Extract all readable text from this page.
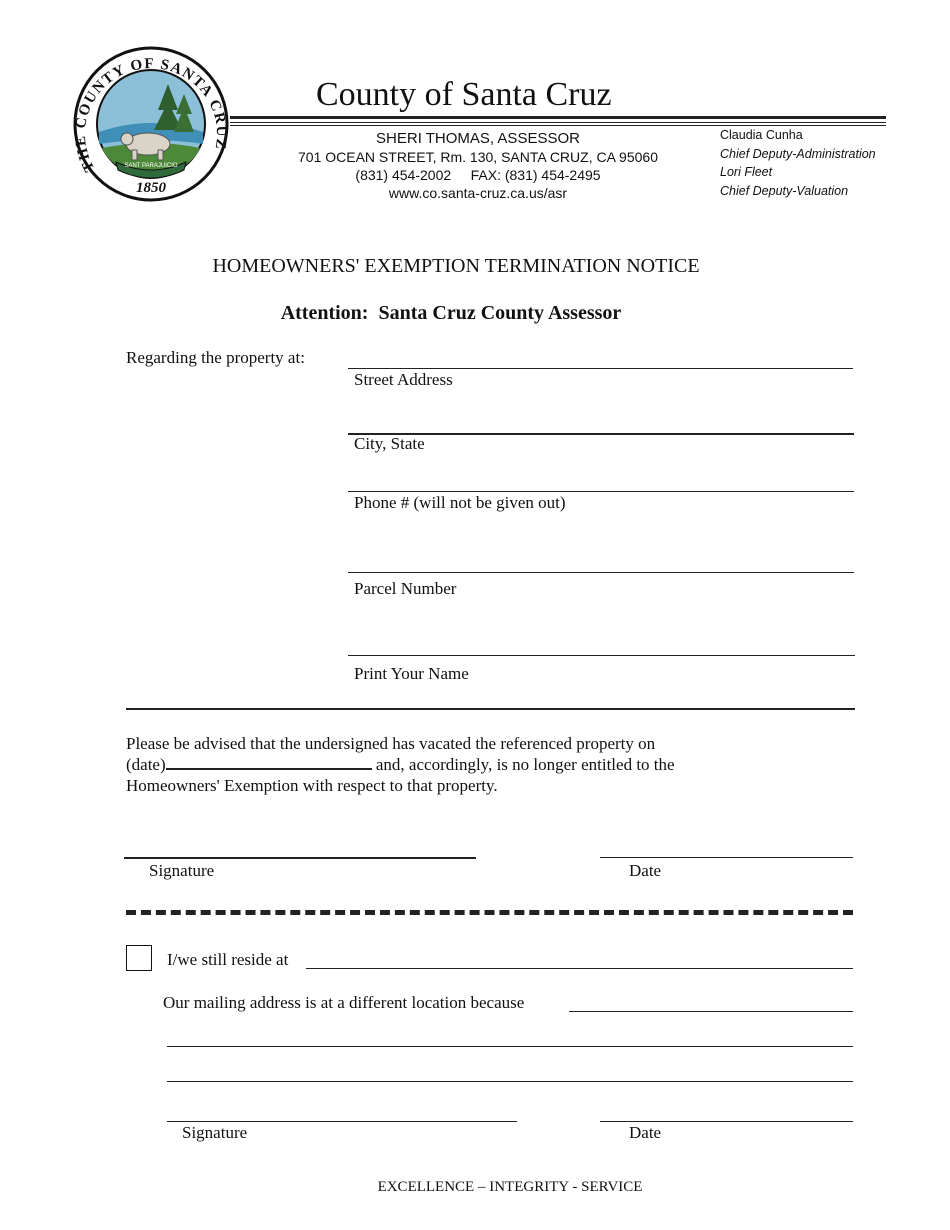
THE COUNTY OF SANTA CRUZ
1850
SANT PARAJUICIO
County of Santa Cruz
SHERI THOMAS, ASSESSOR
701 OCEAN STREET, Rm. 130, SANTA CRUZ, CA 95060
(831) 454-2002 FAX: (831) 454-2495
www.co.santa-cruz.ca.us/asr
Claudia Cunha
Chief Deputy-Administration
Lori Fleet
Chief Deputy-Valuation
HOMEOWNERS' EXEMPTION TERMINATION NOTICE
Attention:  Santa Cruz County Assessor
Regarding the property at:
Street Address
City, State
Phone # (will not be given out)
Parcel Number
Print Your Name
Please be advised that the undersigned has vacated the referenced property on
(date)	and, accordingly, is no longer entitled to the
Homeowners' Exemption with respect to that property.
Signature	Date
I/we still reside at
Our mailing address is at a different location because
Signature	Date
EXCELLENCE – INTEGRITY - SERVICE
